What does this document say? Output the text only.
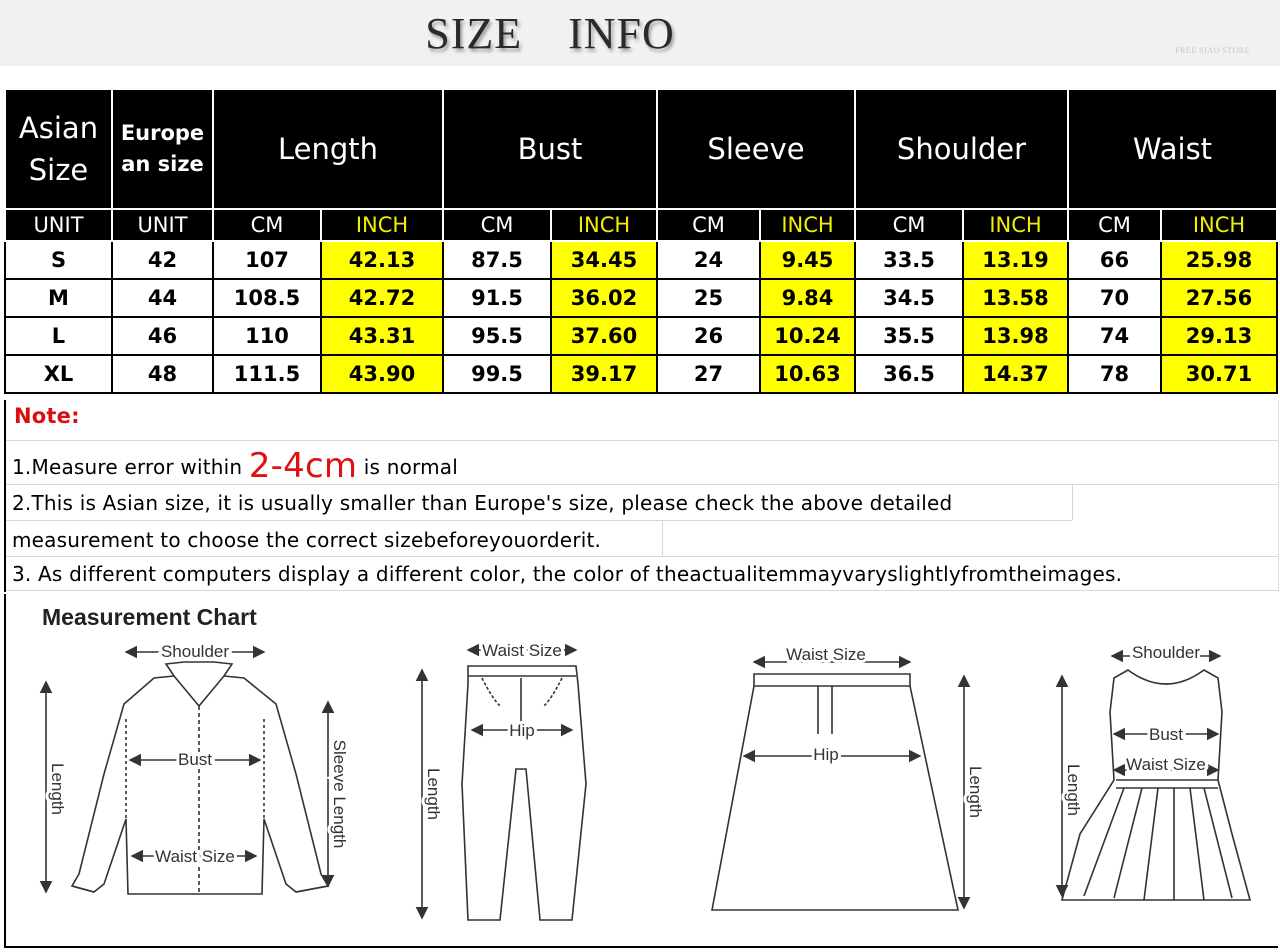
SIZE INFO	FREE SIAO STORE
Asian
Size	Europe
an size	Length		Bust		Sleeve		Shoulder		Waist	
UNIT	UNIT	CM	INCH	CM	INCH	CM	INCH	CM	INCH	CM	INCH
S	42	107	42.13	87.5	34.45	24	9.45	33.5	13.19	66	25.98
M	44	108.5	42.72	91.5	36.02	25	9.84	34.5	13.58	70	27.56
L	46	110	43.31	95.5	37.60	26	10.24	35.5	13.98	74	29.13
XL	48	111.5	43.90	99.5	39.17	27	10.63	36.5	14.37	78	30.71
Note:
1.Measure error within 2-4cm is normal
2.This is Asian size, it is usually smaller than Europe's size, please check the above detailed
measurement to choose the correct sizebeforeyouorderit.
3. As different computers display a different color, the color of theactualitemmayvaryslightlyfromtheimages.
Measurement Chart
Shoulder
Length	Sleeve Length
Bust
Waist Size
Waist Size
Length
Hip
Waist Size
Hip
Length
Shoulder
Bust
Waist Size
Length
